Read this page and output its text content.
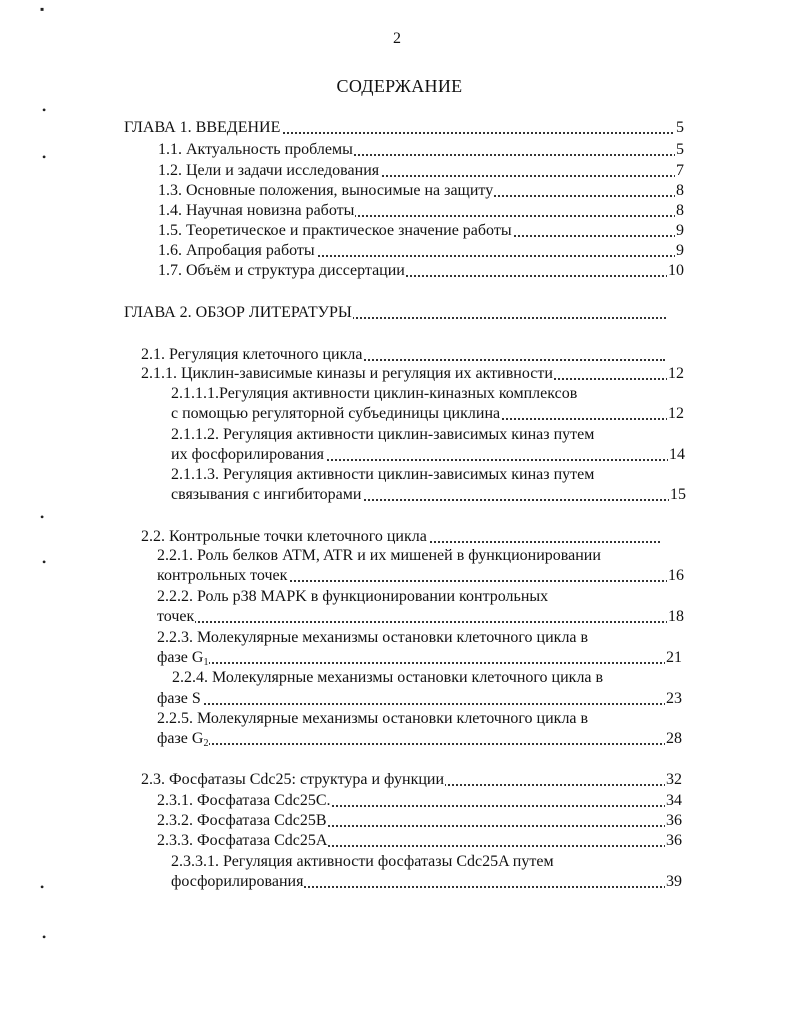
2
СОДЕРЖАНИЕ
ГЛАВА 1. ВВЕДЕНИЕ	5
1.1. Актуальность проблемы	5
1.2. Цели и задачи исследования	7
1.3. Основные положения, выносимые на защиту	8
1.4. Научная новизна работы	8
1.5. Теоретическое и практическое значение работы	9
1.6. Апробация работы	9
1.7. Объём и структура диссертации	10
ГЛАВА 2. ОБЗОР ЛИТЕРАТУРЫ
2.1. Регуляция клеточного цикла
2.1.1. Циклин-зависимые киназы и регуляция их активности	12
2.1.1.1.Регуляция активности циклин-киназных комплексов
с помощью регуляторной субъединицы циклина	12
2.1.1.2. Регуляция активности циклин-зависимых киназ путем
их фосфорилирования	14
2.1.1.3. Регуляция активности циклин-зависимых киназ путем
связывания с ингибиторами	15
2.2. Контрольные точки клеточного цикла
2.2.1. Роль белков ATM, ATR и их мишеней в функционировании
контрольных точек	16
2.2.2. Роль p38 MAPK в функционировании контрольных
точек	18
2.2.3. Молекулярные механизмы остановки клеточного цикла в
фазе $G_1$	21
2.2.4. Молекулярные механизмы остановки клеточного цикла в
фазе S	23
2.2.5. Молекулярные механизмы остановки клеточного цикла в
фазе $G_2$	28
2.3. Фосфатазы Cdc25: структура и функции	32
2.3.1. Фосфатаза Cdc25C.	34
2.3.2. Фосфатаза Cdc25B	36
2.3.3. Фосфатаза Cdc25A	36
2.3.3.1. Регуляция активности фосфатазы Cdc25A путем
фосфорилирования	39
▪
•
•
•
•
•
•
